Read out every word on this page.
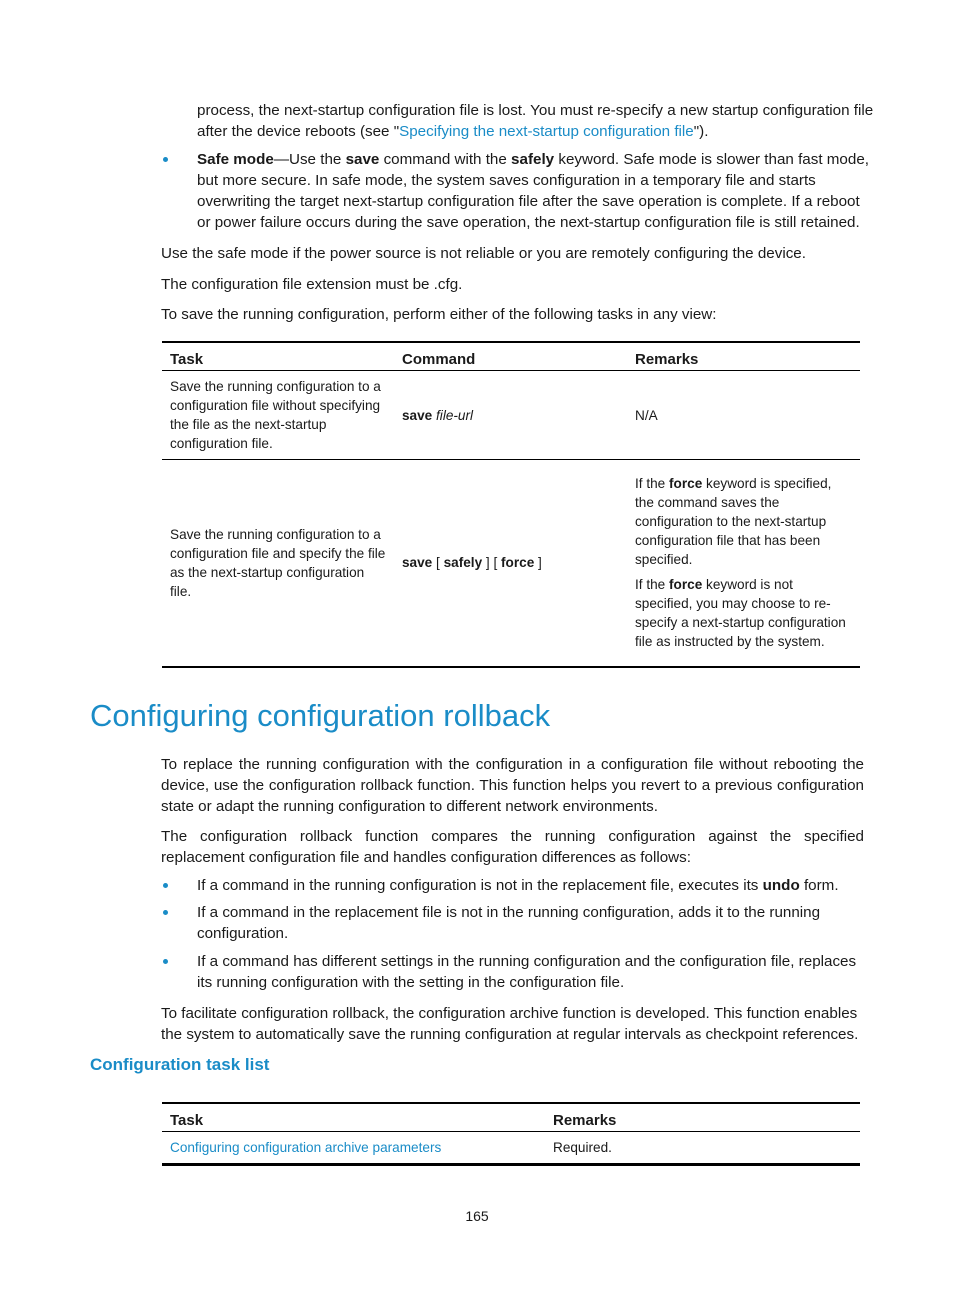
process, the next-startup configuration file is lost. You must re-specify a new startup configuration file
after the device reboots (see "Specifying the next-startup configuration file").
Safe mode—Use the save command with the safely keyword. Safe mode is slower than fast mode,
but more secure. In safe mode, the system saves configuration in a temporary file and starts
overwriting the target next-startup configuration file after the save operation is complete. If a reboot
or power failure occurs during the save operation, the next-startup configuration file is still retained.

Use the safe mode if the power source is not reliable or you are remotely configuring the device.

The configuration file extension must be .cfg.

To save the running configuration, perform either of the following tasks in any view:

Task	Command	Remarks
Save the running configuration to a configuration file without specifying the file as the next-startup configuration file.	save file-url	N/A
Save the running configuration to a configuration file and specify the file as the next-startup configuration file.	save [ safely ] [ force ]	If the force keyword is specified, the command saves the configuration to the next-startup configuration file that has been specified.

If the force keyword is not specified, you may choose to re-specify a next-startup configuration file as instructed by the system.

Configuring configuration rollback

To replace the running configuration with the configuration in a configuration file without rebooting the device, use the configuration rollback function. This function helps you revert to a previous configuration state or adapt the running configuration to different network environments.

The configuration rollback function compares the running configuration against the specified replacement configuration file and handles configuration differences as follows:

If a command in the running configuration is not in the replacement file, executes its undo form.

If a command in the replacement file is not in the running configuration, adds it to the running configuration.

If a command has different settings in the running configuration and the configuration file, replaces its running configuration with the setting in the configuration file.

To facilitate configuration rollback, the configuration archive function is developed. This function enables the system to automatically save the running configuration at regular intervals as checkpoint references.

Configuration task list
Task	Remarks
Configuring configuration archive parameters	Required.
165
